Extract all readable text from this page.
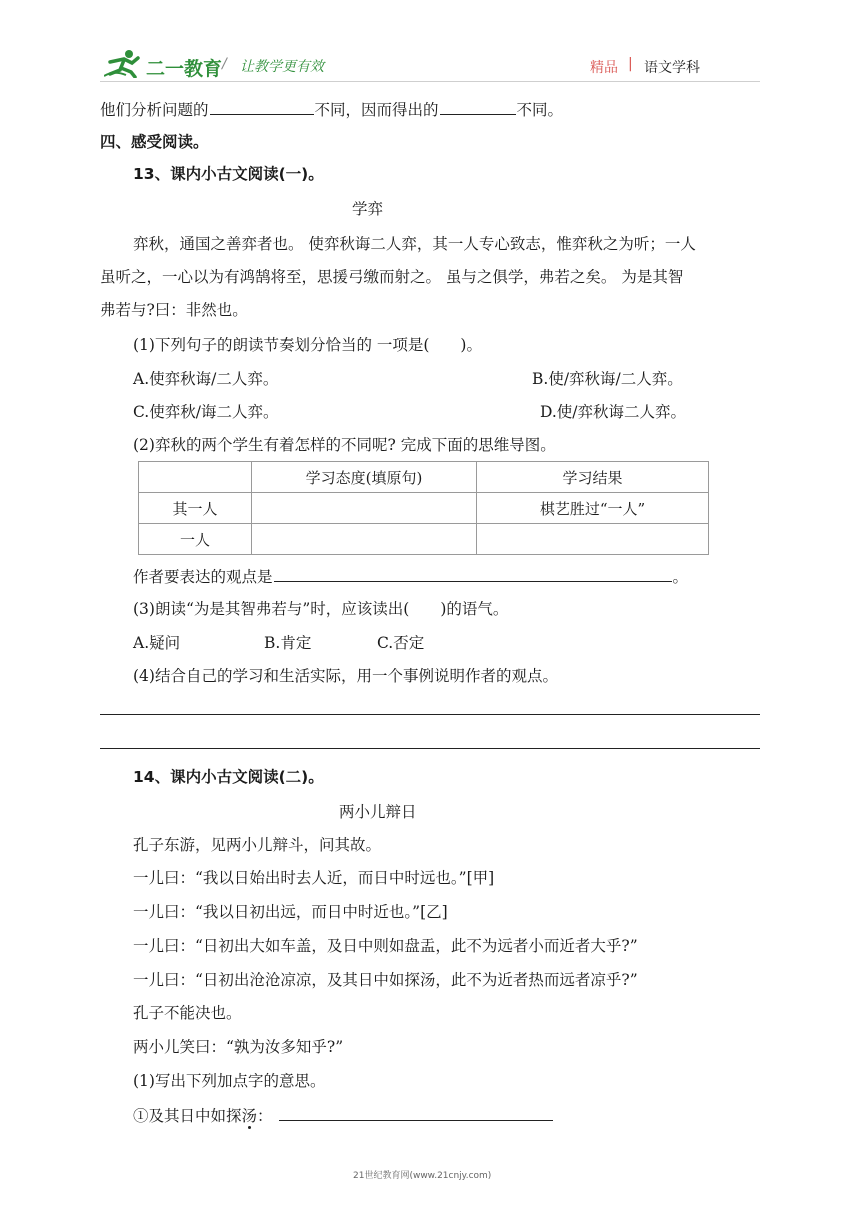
二一教育 / 让教学更有效	精品 | 语文学科
他们分析问题的	不同，因而得出的	不同。
四、感受阅读。
13、课内小古文阅读(一)。
学弈
弈秋，通国之善弈者也。 使弈秋诲二人弈，其一人专心致志，惟弈秋之为听；一人
虽听之，一心以为有鸿鹄将至，思援弓缴而射之。 虽与之俱学，弗若之矣。 为是其智
弗若与?曰：非然也。
(1)下列句子的朗读节奏划分恰当的 一项是(　　)。
A.使弈秋诲/二人弈。	B.使/弈秋诲/二人弈。
C.使弈秋/诲二人弈。	D.使/弈秋诲二人弈。
(2)弈秋的两个学生有着怎样的不同呢? 完成下面的思维导图。
	学习态度(填原句)	学习结果
其一人		棋艺胜过“一人”
一人		
作者要表达的观点是	。
(3)朗读“为是其智弗若与”时，应该读出(　　)的语气。
A.疑问	B.肯定	C.否定
(4)结合自己的学习和生活实际，用一个事例说明作者的观点。
14、课内小古文阅读(二)。
两小儿辩日
孔子东游，见两小儿辩斗，问其故。
一儿曰：“我以日始出时去人近，而日中时远也。”[甲]
一儿曰：“我以日初出远，而日中时近也。”[乙]
一儿曰：“日初出大如车盖，及日中则如盘盂，此不为远者小而近者大乎?”
一儿曰：“日初出沧沧凉凉，及其日中如探汤，此不为近者热而远者凉乎?”
孔子不能决也。
两小儿笑曰：“孰为汝多知乎?”
(1)写出下列加点字的意思。
①及其日中如探汤：
21世纪教育网(www.21cnjy.com)
